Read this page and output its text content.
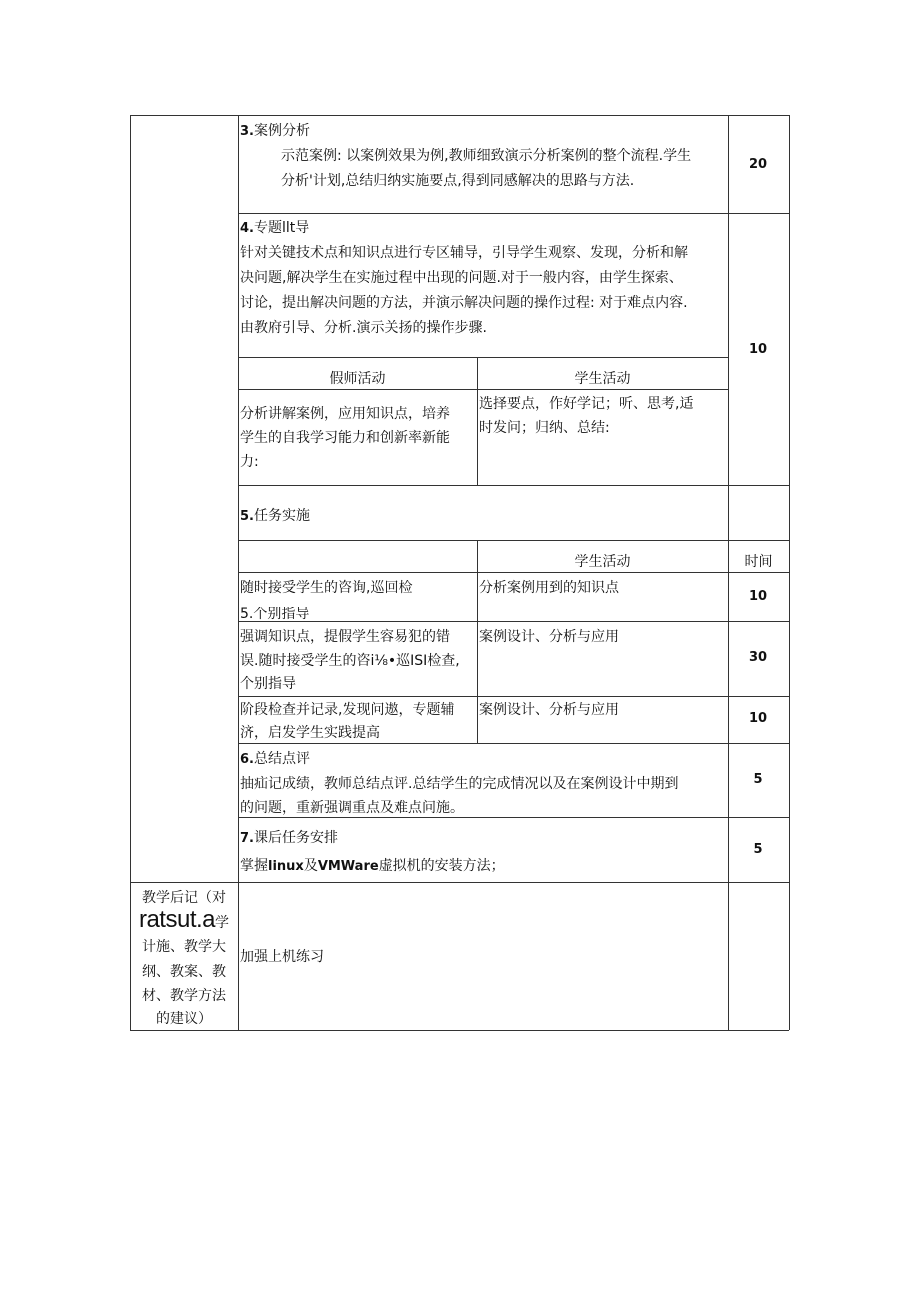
3.案例分析
示范案例: 以案例效果为例,教师细致演示分析案例的整个流程.学生
分析'计划,总结归纳实施要点,得到同感解决的思路与方法.
20
4.专题llt导
针对关键技术点和知识点进行专区辅导，引导学生观察、发现，分析和解
决问题,解决学生在实施过程中出现的问题.对于一般内容，由学生探索、
讨论，提出解决问题的方法，并演示解决问题的操作过程: 对于难点内容.
由教府引导、分析.演示关扬的操作步骤.
假师活动	学生活动
分析讲解案例，应用知识点，培养
学生的自我学习能力和创新率新能
力:
选择要点，作好学记；听、思考,适
时发问；归纳、总结:
10
5.任务实施
学生活动	时间
随时接受学生的咨询,巡回检
5.个别指导
分析案例用到的知识点
10
强调知识点，提假学生容易犯的错
误.随时接受学生的咨i⅛•巡ISI检查,
个别指导
案例设计、分析与应用
30
阶段检查并记录,发现问遨，专题辅
济，启发学生实践提高
案例设计、分析与应用
10
6.总结点评
抽疝记成绩，教师总结点评.总结学生的完成情况以及在案例设计中期到
的问题，重新强调重点及难点问施。
5
7.课后任务安排
掌握linux及VMWare虚拟机的安装方法；
5
教学后记（对
ratsut.a学
计施、教学大
纲、教案、教
材、教学方法
的建议）
加强上机练习
